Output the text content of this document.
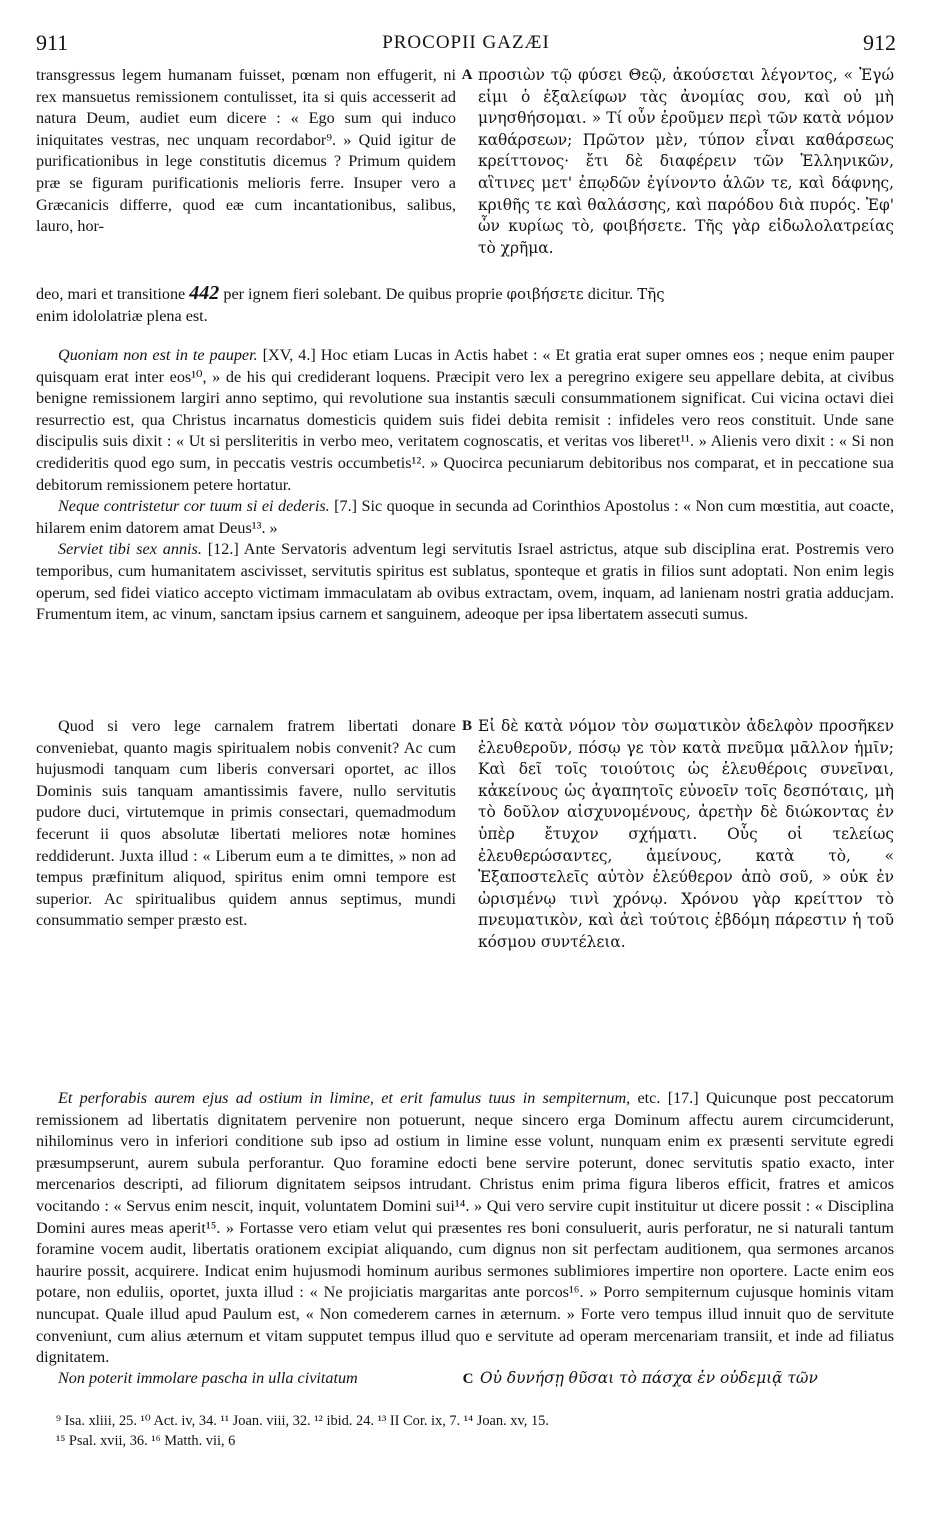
911	PROCOPII GAZÆI	912
transgressus legem humanam fuisset, pœnam non effugerit, ni rex mansuetus remissionem contulisset, ita si quis accesserit ad natura Deum, audiet eum dicere : « Ego sum qui induco iniquitates vestras, nec unquam recordabor⁹. » Quid igitur de purificationibus in lege constitutis dicemus ? Primum quidem præ se figuram purificationis melioris ferre. Insuper vero a Græcanicis differre, quod eæ cum incantationibus, salibus, lauro, hor-
A προσιὼν τῷ φύσει Θεῷ, ἀκούσεται λέγοντος, « Ἐγώ εἰμι ὁ ἐξαλείφων τὰς ἀνομίας σου, καὶ οὐ μὴ μνησθήσομαι. » Τί οὖν ἐροῦμεν περὶ τῶν κατὰ νόμον καθάρσεων; Πρῶτον μὲν, τύπον εἶναι καθάρσεως κρείττονος· ἔτι δὲ διαφέρειν τῶν Ἑλληνικῶν, αἳτινες μετ' ἐπῳδῶν ἐγίνοντο ἁλῶν τε, καὶ δάφνης, κριθῆς τε καὶ θαλάσσης, καὶ παρόδου διὰ πυρός. Ἐφ' ὧν κυρίως τὸ, φοιβήσετε. Τῆς γὰρ εἰδωλολατρείας τὸ χρῆμα.

deo, mari et transitione 442 per ignem fieri solebant. De quibus proprie φοιβήσετε dicitur. Τῆς

enim idololatriæ plena est.

Quoniam non est in te pauper. [XV, 4.] Hoc etiam Lucas in Actis habet : « Et gratia erat super omnes eos ; neque enim pauper quisquam erat inter eos¹⁰, » de his qui crediderant loquens. Præcipit vero lex a peregrino exigere seu appellare debita, at civibus benigne remissionem largiri anno septimo, qui revolutione sua instantis sæculi consummationem significat. Cui vicina octavi diei resurrectio est, qua Christus incarnatus domesticis quidem suis fidei debita remisit : infideles vero reos constituit. Unde sane discipulis suis dixit : « Ut si persliteritis in verbo meo, veritatem cognoscatis, et veritas vos liberet¹¹. » Alienis vero dixit : « Si non credideritis quod ego sum, in peccatis vestris occumbetis¹². » Quocirca pecuniarum debitoribus nos comparat, et in peccatione sua debitorum remissionem petere hortatur.

Neque contristetur cor tuum si ei dederis. [7.] Sic quoque in secunda ad Corinthios Apostolus : « Non cum mœstitia, aut coacte, hilarem enim datorem amat Deus¹³. »

Serviet tibi sex annis. [12.] Ante Servatoris adventum legi servitutis Israel astrictus, atque sub disciplina erat. Postremis vero temporibus, cum humanitatem ascivisset, servitutis spiritus est sublatus, sponteque et gratis in filios sunt adoptati. Non enim legis operum, sed fidei viatico accepto victimam immaculatam ab ovibus extractam, ovem, inquam, ad lanienam nostri gratia adducjam. Frumentum item, ac vinum, sanctam ipsius carnem et sanguinem, adeoque per ipsa libertatem assecuti sumus.

Quod si vero lege carnalem fratrem libertati donare conveniebat, quanto magis spiritualem nobis convenit? Ac cum hujusmodi tanquam cum liberis conversari oportet, ac illos Dominis suis tanquam amantissimis favere, nullo servitutis pudore duci, virtutemque in primis consectari, quemadmodum fecerunt ii quos absolutæ libertati meliores notæ homines reddiderunt. Juxta illud : « Liberum eum a te dimittes, » non ad tempus præfinitum aliquod, spiritus enim omni tempore est superior. Ac spiritualibus quidem annus septimus, mundi consummatio semper præsto est.
B Εἰ δὲ κατὰ νόμον τὸν σωματικὸν ἀδελφὸν προσῆκεν ἐλευθεροῦν, πόσῳ γε τὸν κατὰ πνεῦμα μᾶλλον ἡμῖν; Καὶ δεῖ τοῖς τοιούτοις ὡς ἐλευθέροις συνεῖναι, κἀκείνους ὡς ἀγαπητοῖς εὐνοεῖν τοῖς δεσπόταις, μὴ τὸ δοῦλον αἰσχυνομένους, ἀρετὴν δὲ διώκοντας ἐν ὑπὲρ ἔτυχον σχήματι. Οὗς οἱ τελείως ἐλευθερώσαντες, ἀμείνους, κατὰ τὸ, « Ἐξαποστελεῖς αὐτὸν ἐλεύθερον ἀπὸ σοῦ, » οὐκ ἐν ὡρισμένῳ τινὶ χρόνῳ. Χρόνου γὰρ κρείττον τὸ πνευματικὸν, καὶ ἀεὶ τούτοις ἑβδόμη πάρεστιν ἡ τοῦ κόσμου συντέλεια.

Et perforabis aurem ejus ad ostium in limine, et erit famulus tuus in sempiternum, etc. [17.] Quicunque post peccatorum remissionem ad libertatis dignitatem pervenire non potuerunt, neque sincero erga Dominum affectu aurem circumciderunt, nihilominus vero in inferiori conditione sub ipso ad ostium in limine esse volunt, nunquam enim ex præsenti servitute egredi præsumpserunt, aurem subula perforantur. Quo foramine edocti bene servire poterunt, donec servitutis spatio exacto, inter mercenarios descripti, ad filiorum dignitatem seipsos intrudant. Christus enim prima figura liberos efficit, fratres et amicos vocitando : « Servus enim nescit, inquit, voluntatem Domini sui¹⁴. » Qui vero servire cupit instituitur ut dicere possit : « Disciplina Domini aures meas aperit¹⁵. » Fortasse vero etiam velut qui præsentes res boni consuluerit, auris perforatur, ne si naturali tantum foramine vocem audit, libertatis orationem excipiat aliquando, cum dignus non sit perfectam auditionem, qua sermones arcanos haurire possit, acquirere. Indicat enim hujusmodi hominum auribus sermones sublimiores impertire non oportere. Lacte enim eos potare, non eduliis, oportet, juxta illud : « Ne projiciatis margaritas ante porcos¹⁶. » Porro sempiternum cujusque hominis vitam nuncupat. Quale illud apud Paulum est, « Non comederem carnes in æternum. » Forte vero tempus illud innuit quo de servitute conveniunt, cum alius æternum et vitam supputet tempus illud quo e servitute ad operam mercenariam transiit, et inde ad filiatus dignitatem.

Non poterit immolare pascha in ulla civitatum	C Οὐ δυνήσῃ θῦσαι τὸ πάσχα ἐν οὐδεμιᾷ τῶν
⁹ Isa. xliii, 25. ¹⁰ Act. iv, 34. ¹¹ Joan. viii, 32. ¹² ibid. 24. ¹³ II Cor. ix, 7. ¹⁴ Joan. xv, 15.
¹⁵ Psal. xvii, 36. ¹⁶ Matth. vii, 6
